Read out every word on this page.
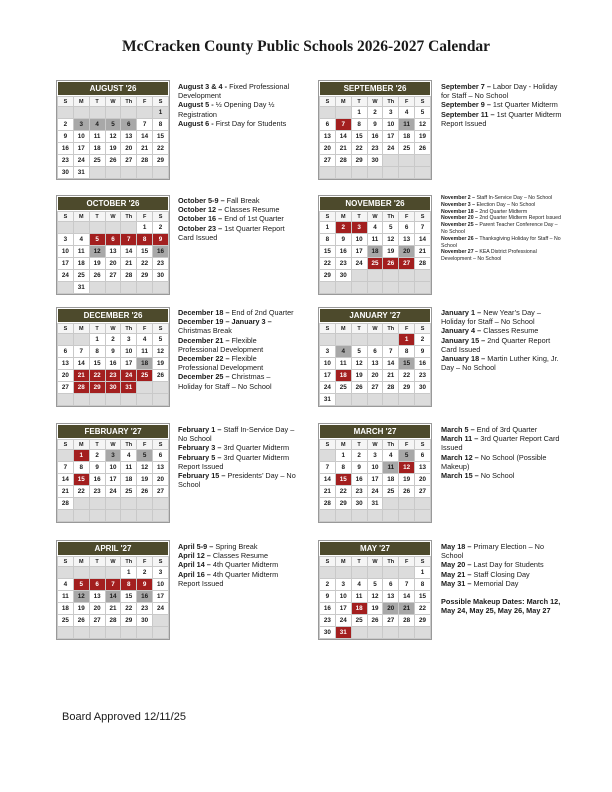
McCracken County Public Schools 2026-2027 Calendar
AUGUST '26
S	M	T	W	Th	F	S
						1
2	3	4	5	6	7	8
9	10	11	12	13	14	15
16	17	18	19	20	21	22
23	24	25	26	27	28	29
30	31					
SEPTEMBER '26
S	M	T	W	Th	F	S
		1	2	3	4	5
6	7	8	9	10	11	12
13	14	15	16	17	18	19
20	21	22	23	24	25	26
27	28	29	30			

OCTOBER '26
S	M	T	W	Th	F	S
					1	2
3	4	5	6	7	8	9
10	11	12	13	14	15	16
17	18	19	20	21	22	23
24	25	26	27	28	29	30
	31					
NOVEMBER '26
S	M	T	W	Th	F	S
1	2	3	4	5	6	7
8	9	10	11	12	13	14
15	16	17	18	19	20	21
22	23	24	25	26	27	28
29	30					

DECEMBER '26
S	M	T	W	Th	F	S
		1	2	3	4	5
6	7	8	9	10	11	12
13	14	15	16	17	18	19
20	21	22	23	24	25	26
27	28	29	30	31		

JANUARY '27
S	M	T	W	Th	F	S
					1	2
3	4	5	6	7	8	9
10	11	12	13	14	15	16
17	18	19	20	21	22	23
24	25	26	27	28	29	30
31						
FEBRUARY '27
S	M	T	W	Th	F	S
	1	2	3	4	5	6
7	8	9	10	11	12	13
14	15	16	17	18	19	20
21	22	23	24	25	26	27
28						

MARCH '27
S	M	T	W	Th	F	S
	1	2	3	4	5	6
7	8	9	10	11	12	13
14	15	16	17	18	19	20
21	22	23	24	25	26	27
28	29	30	31			

APRIL '27
S	M	T	W	Th	F	S
				1	2	3
4	5	6	7	8	9	10
11	12	13	14	15	16	17
18	19	20	21	22	23	24
25	26	27	28	29	30	

MAY '27
S	M	T	W	Th	F	S
						1
2	3	4	5	6	7	8
9	10	11	12	13	14	15
16	17	18	19	20	21	22
23	24	25	26	27	28	29
30	31					

August 3 & 4 - Fixed Professional Development

August 5 - ½ Opening Day ½ Registration

August 6 - First Day for Students

September 7 – Labor Day - Holiday for Staff – No School

September 9 – 1st Quarter Midterm

September 11 – 1st Quarter Midterm Report Issued

October 5-9 – Fall Break

October 12 – Classes Resume

October 16 – End of 1st Quarter

October 23 – 1st Quarter Report Card Issued

November 2 – Staff In-Service Day – No School

November 3 – Election Day – No School

November 18 – 2nd Quarter Midterm

November 20 – 2nd Quarter Midterm Report Issued

November 25 – Parent Teacher Conference Day – No School

November 26 – Thanksgiving Holiday for Staff – No School

November 27 – KEA District Professional Development – No School

December 18 – End of 2nd Quarter

December 19 – January 3 – Christmas Break

December 21 – Flexible Professional Development

December 22 – Flexible Professional Development

December 25 – Christmas – Holiday for Staff – No School

January 1 – New Year’s Day – Holiday for Staff – No School

January 4 – Classes Resume

January 15 – 2nd Quarter Report Card Issued

January 18 – Martin Luther King, Jr. Day – No School

February 1 – Staff In-Service Day – No School

February 3 – 3rd Quarter Midterm

February 5 – 3rd Quarter Midterm Report Issued

February 15 – Presidents’ Day – No School

March 5 – End of 3rd Quarter

March 11 – 3rd Quarter Report Card Issued

March 12 – No School (Possible Makeup)

March 15 – No School

April 5-9 – Spring Break

April 12 – Classes Resume

April 14 – 4th Quarter Midterm

April 16 – 4th Quarter Midterm Report Issued

May 18 – Primary Election – No School

May 20 – Last Day for Students

May 21 – Staff Closing Day

May 31 – Memorial Day

Possible Makeup Dates: March 12, May 24, May 25, May 26, May 27

Board Approved 12/11/25
